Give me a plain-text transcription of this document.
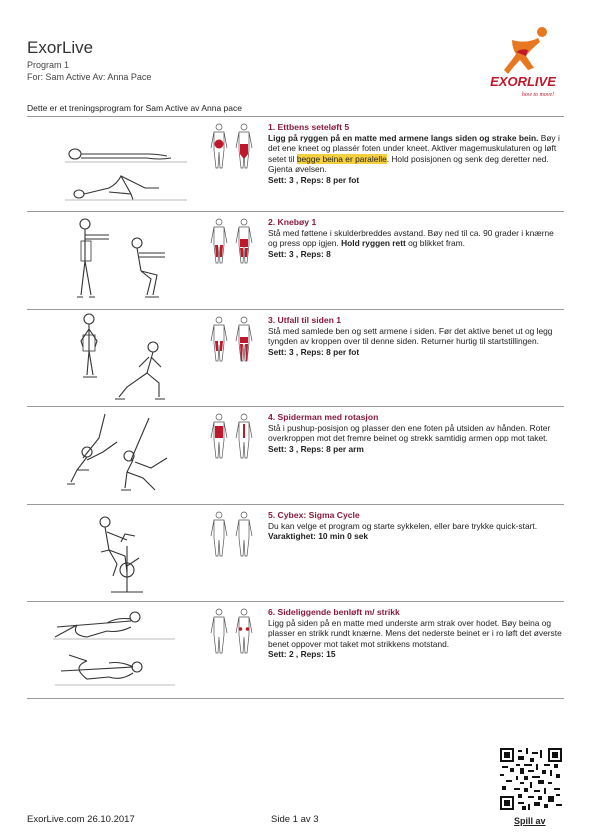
ExorLive
Program 1
For: Sam Active Av: Anna Pace	EXORLIVE
how to move!
Dette er et treningsprogram for Sam Active av Anna pace
1. Ettbens seteløft 5
Ligg på ryggen på en matte med armene langs siden og strake bein. Bøy i det ene kneet og plassér foten under kneet. Aktiver magemuskulaturen og løft setet til begge beina er paralelle. Hold posisjonen og senk deg deretter ned. Gjenta øvelsen.
Sett: 3 , Reps: 8 per fot
2. Knebøy 1
Stå med føttene i skulderbreddes avstand. Bøy ned til ca. 90 grader i knærne og press opp igjen. Hold ryggen rett og blikket fram.
Sett: 3 , Reps: 8
3. Utfall til siden 1
Stå med samlede ben og sett armene i siden. Før det aktive benet ut og legg tyngden av kroppen over til denne siden. Returner hurtig til startstillingen.
Sett: 3 , Reps: 8 per fot
4. Spiderman med rotasjon
Stå i pushup-posisjon og plasser den ene foten på utsiden av hånden. Roter overkroppen mot det fremre beinet og strekk samtidig armen opp mot taket.
Sett: 3 , Reps: 8 per arm
5. Cybex: Sigma Cycle
Du kan velge et program og starte sykkelen, eller bare trykke quick-start.
Varaktighet: 10 min 0 sek
6. Sideliggende benløft m/ strikk
Ligg på siden på en matte med underste arm strak over hodet. Bøy beina og plasser en strikk rundt knærne. Mens det nederste beinet er i ro løft det øverste benet oppover mot taket mot strikkens motstand.
Sett: 2 , Reps: 15
ExorLive.com 26.10.2017	Side 1 av 3	Spill av
